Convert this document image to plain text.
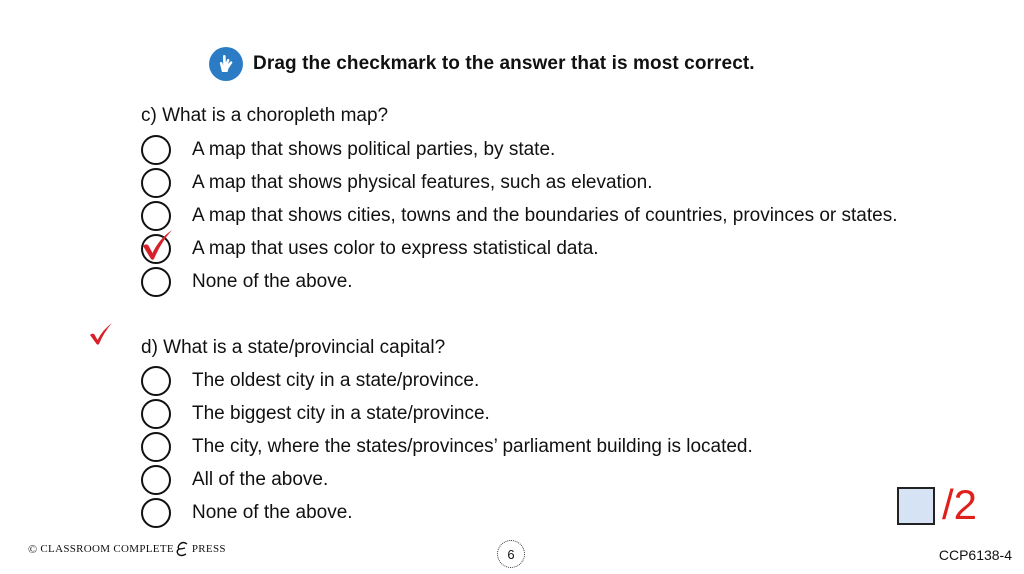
Drag the checkmark to the answer that is most correct.
c) What is a choropleth map?
A map that shows political parties, by state.
A map that shows physical features, such as elevation.
A map that shows cities, towns and the boundaries of countries, provinces or states.
A map that uses color to express statistical data.
None of the above.
d) What is a state/provincial capital?
The oldest city in a state/province.
The biggest city in a state/province.
The city, where the states/provinces’ parliament building is located.
All of the above.
None of the above.	/2
© CLASSROOM COMPLETE PRESS	6	CCP6138-4
